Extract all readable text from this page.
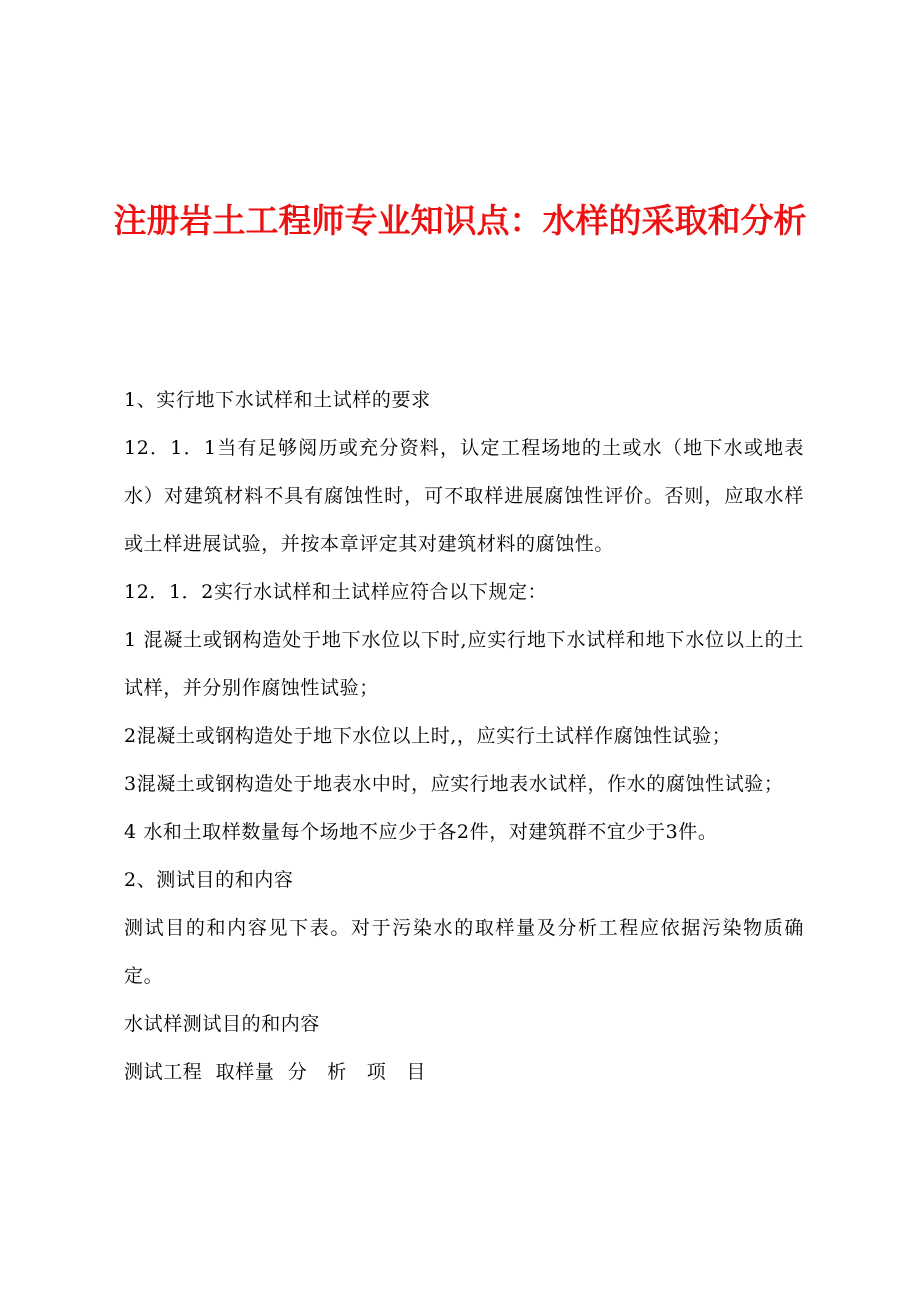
注册岩土工程师专业知识点：水样的采取和分析

1、实行地下水试样和土试样的要求

12．1．1当有足够阅历或充分资料，认定工程场地的土或水（地下水或地表水）对建筑材料不具有腐蚀性时，可不取样进展腐蚀性评价。否则，应取水样或土样进展试验，并按本章评定其对建筑材料的腐蚀性。

12．1．2实行水试样和土试样应符合以下规定：

1 混凝土或钢构造处于地下水位以下时,应实行地下水试样和地下水位以上的土试样，并分别作腐蚀性试验；

2混凝土或钢构造处于地下水位以上时,，应实行土试样作腐蚀性试验；

3混凝土或钢构造处于地表水中时，应实行地表水试样，作水的腐蚀性试验；

4 水和土取样数量每个场地不应少于各2件，对建筑群不宜少于3件。

2、测试目的和内容

测试目的和内容见下表。对于污染水的取样量及分析工程应依据污染物质确定。

水试样测试目的和内容

测试工程  取样量  分   析   项   目
